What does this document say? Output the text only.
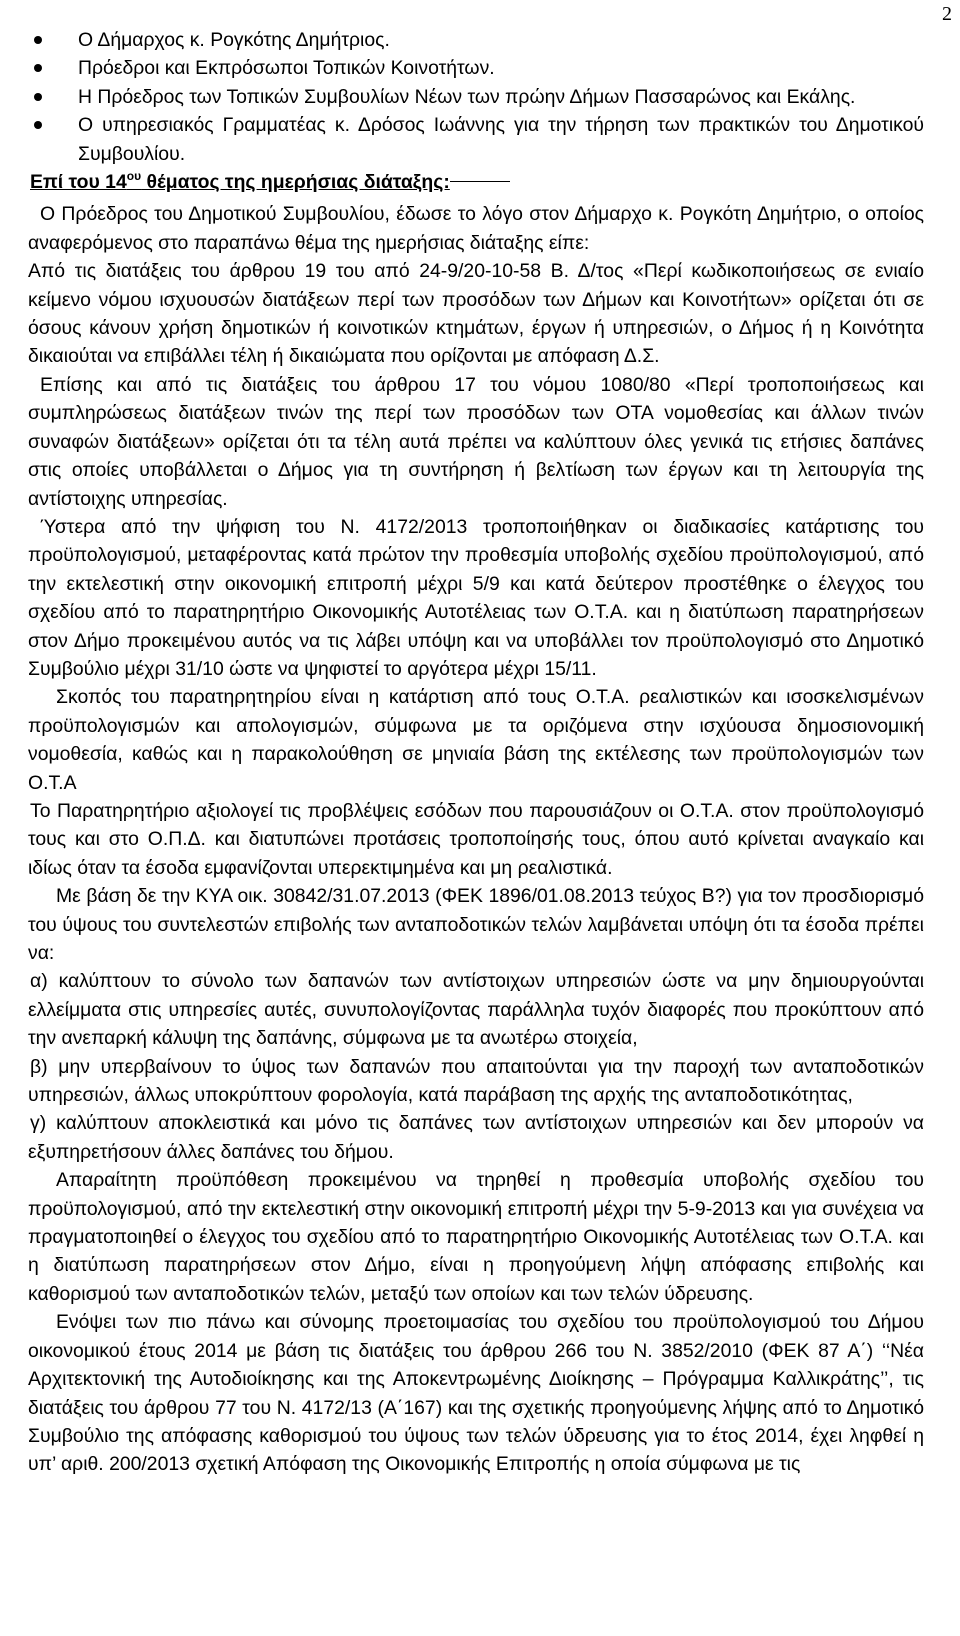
2
Ο Δήμαρχος κ. Ρογκότης Δημήτριος.
Πρόεδροι και Εκπρόσωποι Τοπικών Κοινοτήτων.
Η Πρόεδρος των Τοπικών Συμβουλίων Νέων των πρώην Δήμων Πασσαρώνος και Εκάλης.
Ο υπηρεσιακός Γραμματέας κ. Δρόσος Ιωάννης για την τήρηση των πρακτικών του Δημοτικού Συμβουλίου.
Επί του $14^{o\upsilon}$ θέματος της ημερήσιας διάταξης:

Ο Πρόεδρος του Δημοτικού Συμβουλίου, έδωσε το λόγο στον Δήμαρχο κ. Ρογκότη Δημήτριο, ο οποίος αναφερόμενος στο παραπάνω θέμα της ημερήσιας διάταξης είπε:

Από τις διατάξεις του άρθρου 19 του από 24-9/20-10-58 Β. Δ/τος «Περί κωδικοποιήσεως σε ενιαίο κείμενο νόμου ισχυουσών διατάξεων περί των προσόδων των Δήμων και Κοινοτήτων» ορίζεται ότι σε όσους κάνουν χρήση δημοτικών ή κοινοτικών κτημάτων, έργων ή υπηρεσιών, ο Δήμος ή η Κοινότητα δικαιούται να επιβάλλει τέλη ή δικαιώματα που ορίζονται με απόφαση Δ.Σ.

Επίσης και από τις διατάξεις του άρθρου 17 του νόμου 1080/80 «Περί τροποποιήσεως και συμπληρώσεως διατάξεων τινών της περί των προσόδων των ΟΤΑ νομοθεσίας και άλλων τινών συναφών διατάξεων» ορίζεται ότι τα τέλη αυτά πρέπει να καλύπτουν όλες γενικά τις ετήσιες δαπάνες στις οποίες υποβάλλεται ο Δήμος για τη συντήρηση ή βελτίωση των έργων και τη λειτουργία της αντίστοιχης υπηρεσίας.

Ύστερα από την ψήφιση του Ν. 4172/2013 τροποποιήθηκαν οι διαδικασίες κατάρτισης του προϋπολογισμού, μεταφέροντας κατά πρώτον την προθεσμία υποβολής σχεδίου προϋπολογισμού, από την εκτελεστική στην οικονομική επιτροπή μέχρι 5/9 και κατά δεύτερον προστέθηκε ο έλεγχος του σχεδίου από το παρατηρητήριο Οικονομικής Αυτοτέλειας των Ο.Τ.Α. και η διατύπωση παρατηρήσεων στον Δήμο προκειμένου αυτός να τις λάβει υπόψη και να υποβάλλει τον προϋπολογισμό στο Δημοτικό Συμβούλιο μέχρι 31/10 ώστε να ψηφιστεί το αργότερα μέχρι 15/11.

Σκοπός του παρατηρητηρίου είναι η κατάρτιση από τους Ο.Τ.Α. ρεαλιστικών και ισοσκελισμένων προϋπολογισμών και απολογισμών, σύμφωνα με τα οριζόμενα στην ισχύουσα δημοσιονομική νομοθεσία, καθώς και η παρακολούθηση σε μηνιαία βάση της εκτέλεσης των προϋπολογισμών των Ο.Τ.Α

Το Παρατηρητήριο αξιολογεί τις προβλέψεις εσόδων που παρουσιάζουν οι Ο.Τ.Α. στον προϋπολογισμό τους και στο Ο.Π.Δ. και διατυπώνει προτάσεις τροποποίησής τους, όπου αυτό κρίνεται αναγκαίο και ιδίως όταν τα έσοδα εμφανίζονται υπερεκτιμημένα και μη ρεαλιστικά.

Με βάση δε την ΚΥΑ οικ. 30842/31.07.2013 (ΦΕΚ 1896/01.08.2013 τεύχος Β?) για τον προσδιορισμό του ύψους του συντελεστών επιβολής των ανταποδοτικών τελών λαμβάνεται υπόψη ότι τα έσοδα πρέπει να:

α) καλύπτουν το σύνολο των δαπανών των αντίστοιχων υπηρεσιών ώστε να μην δημιουργούνται ελλείμματα στις υπηρεσίες αυτές, συνυπολογίζοντας παράλληλα τυχόν διαφορές που προκύπτουν από την ανεπαρκή κάλυψη της δαπάνης, σύμφωνα με τα ανωτέρω στοιχεία,

β) μην υπερβαίνουν το ύψος των δαπανών που απαιτούνται για την παροχή των ανταποδοτικών υπηρεσιών, άλλως υποκρύπτουν φορολογία, κατά παράβαση της αρχής της ανταποδοτικότητας,

γ) καλύπτουν αποκλειστικά και μόνο τις δαπάνες των αντίστοιχων υπηρεσιών και δεν μπορούν να εξυπηρετήσουν άλλες δαπάνες του δήμου.

Απαραίτητη προϋπόθεση προκειμένου να τηρηθεί η προθεσμία υποβολής σχεδίου του προϋπολογισμού, από την εκτελεστική στην οικονομική επιτροπή μέχρι την 5-9-2013 και για συνέχεια να πραγματοποιηθεί ο έλεγχος του σχεδίου από το παρατηρητήριο Οικονομικής Αυτοτέλειας των Ο.Τ.Α. και η διατύπωση παρατηρήσεων στον Δήμο, είναι η προηγούμενη λήψη απόφασης επιβολής και καθορισμού των ανταποδοτικών τελών, μεταξύ των οποίων και των τελών ύδρευσης.

Ενόψει των πιο πάνω και σύνομης προετοιμασίας του σχεδίου του προϋπολογισμού του Δήμου οικονομικού έτους 2014 με βάση τις διατάξεις του άρθρου 266 του Ν. 3852/2010 (ΦΕΚ 87 Α΄) ‘‘Νέα Αρχιτεκτονική της Αυτοδιοίκησης και της Αποκεντρωμένης Διοίκησης – Πρόγραμμα Καλλικράτης’’, τις διατάξεις του άρθρου 77 του Ν. 4172/13 (Α΄167) και της σχετικής προηγούμενης λήψης από το Δημοτικό Συμβούλιο της απόφασης καθορισμού του ύψους των τελών ύδρευσης για το έτος 2014, έχει ληφθεί η υπ’ αριθ. 200/2013 σχετική Απόφαση της Οικονομικής Επιτροπής η οποία σύμφωνα με τις
